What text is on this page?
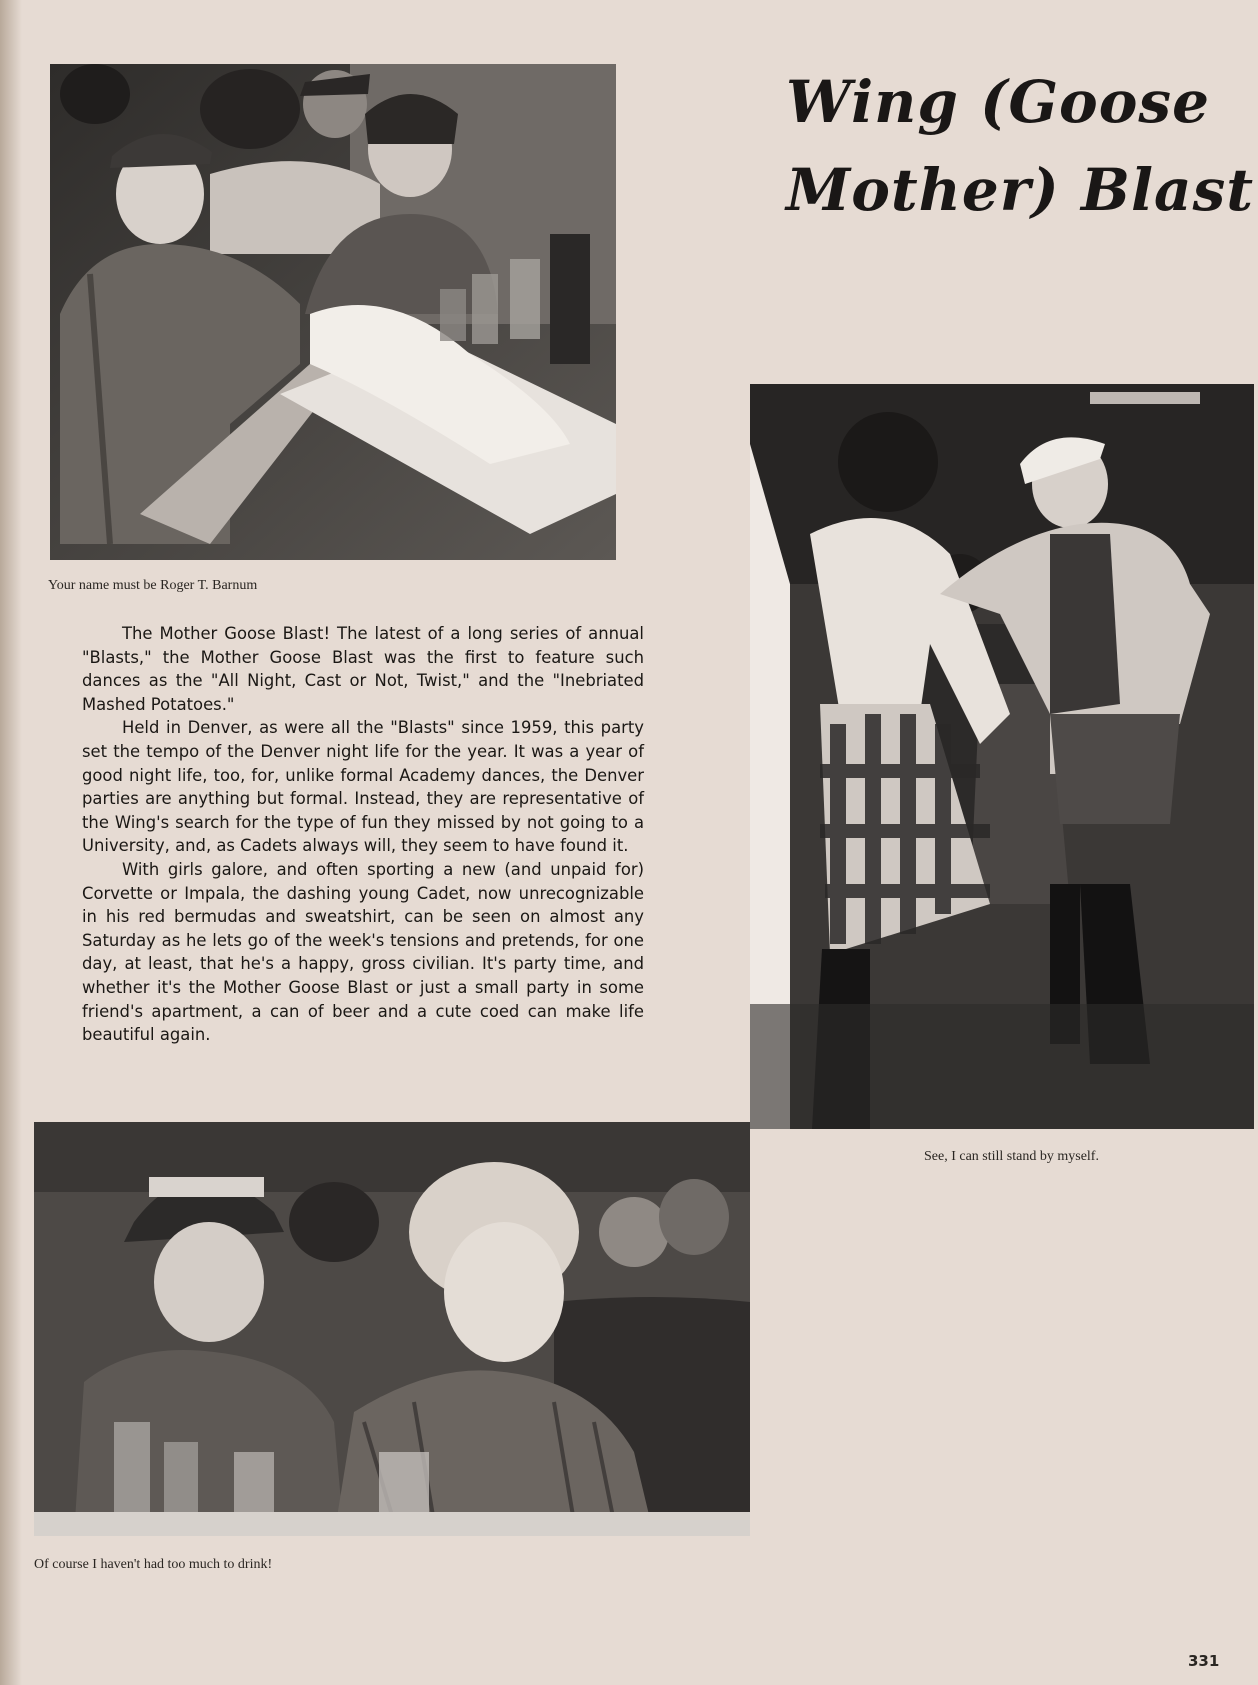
Your name must be Roger T. Barnum
Wing (Goose
Mother) Blast
See, I can still stand by myself.

The Mother Goose Blast! The latest of a long series of annual "Blasts," the Mother Goose Blast was the first to feature such dances as the "All Night, Cast or Not, Twist," and the "Inebriated Mashed Potatoes."

Held in Denver, as were all the "Blasts" since 1959, this party set the tempo of the Denver night life for the year. It was a year of good night life, too, for, unlike formal Academy dances, the Denver parties are anything but formal. Instead, they are representative of the Wing's search for the type of fun they missed by not going to a University, and, as Cadets always will, they seem to have found it.

With girls galore, and often sporting a new (and unpaid for) Corvette or Impala, the dashing young Cadet, now unrecognizable in his red bermudas and sweatshirt, can be seen on almost any Saturday as he lets go of the week's tensions and pretends, for one day, at least, that he's a happy, gross civilian. It's party time, and whether it's the Mother Goose Blast or just a small party in some friend's apartment, a can of beer and a cute coed can make life beautiful again.

Of course I haven't had too much to drink!
331
